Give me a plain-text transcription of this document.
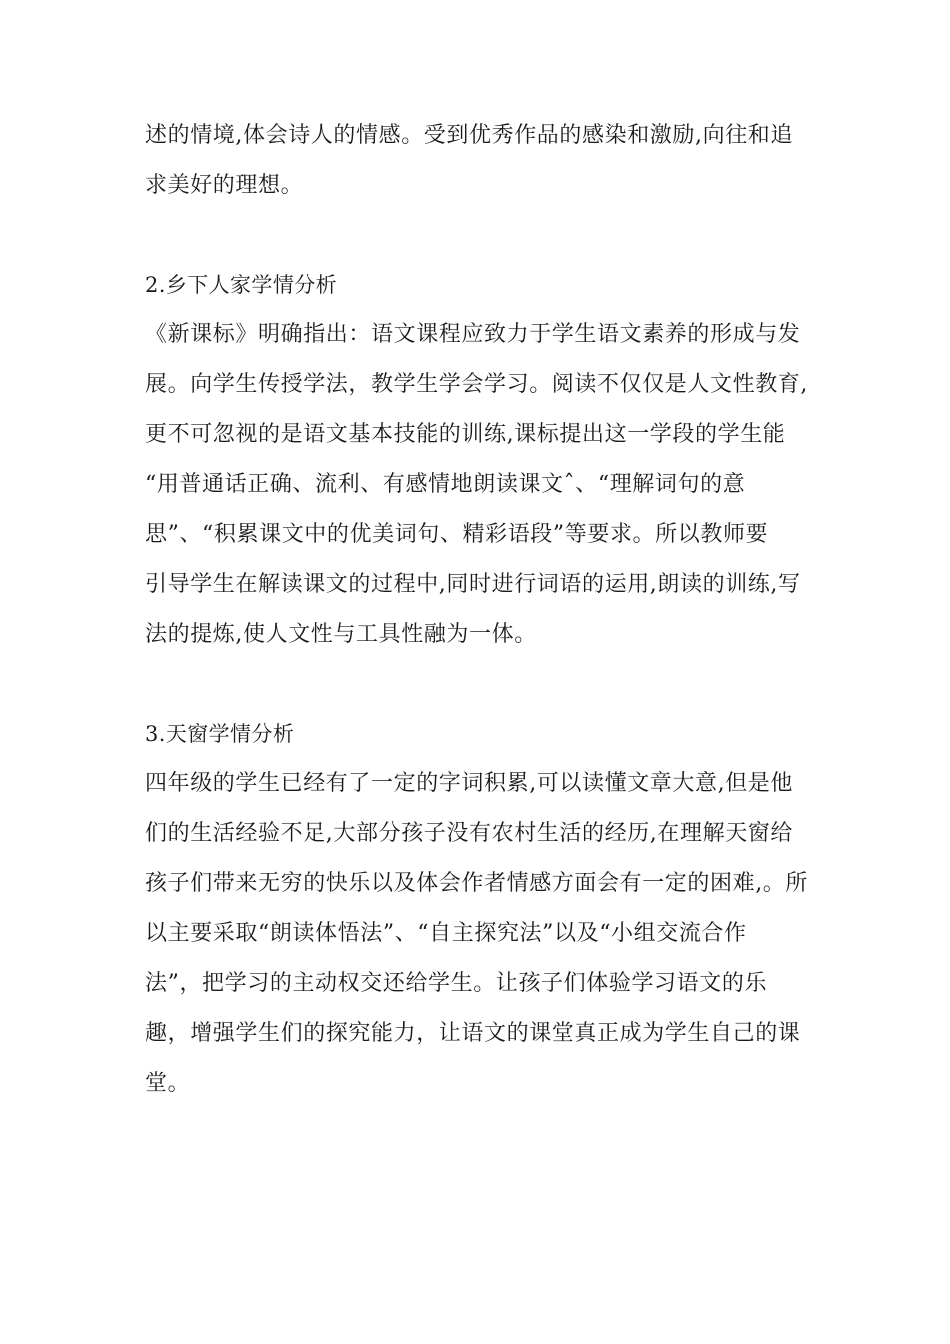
述的情境,体会诗人的情感。受到优秀作品的感染和激励,向往和追
求美好的理想。
2.乡下人家学情分析
《新课标》明确指出：语文课程应致力于学生语文素养的形成与发
展。向学生传授学法，教学生学会学习。阅读不仅仅是人文性教育,
更不可忽视的是语文基本技能的训练,课标提出这一学段的学生能
“用普通话正确、流利、有感情地朗读课文ˆ、“理解词句的意
思”、“积累课文中的优美词句、精彩语段”等要求。所以教师要
引导学生在解读课文的过程中,同时进行词语的运用,朗读的训练,写
法的提炼,使人文性与工具性融为一体。
3.天窗学情分析
四年级的学生已经有了一定的字词积累,可以读懂文章大意,但是他
们的生活经验不足,大部分孩子没有农村生活的经历,在理解天窗给
孩子们带来无穷的快乐以及体会作者情感方面会有一定的困难,。所
以主要采取“朗读体悟法”、“自主探究法”以及“小组交流合作
法”，把学习的主动权交还给学生。让孩子们体验学习语文的乐
趣，增强学生们的探究能力，让语文的课堂真正成为学生自己的课
堂。
